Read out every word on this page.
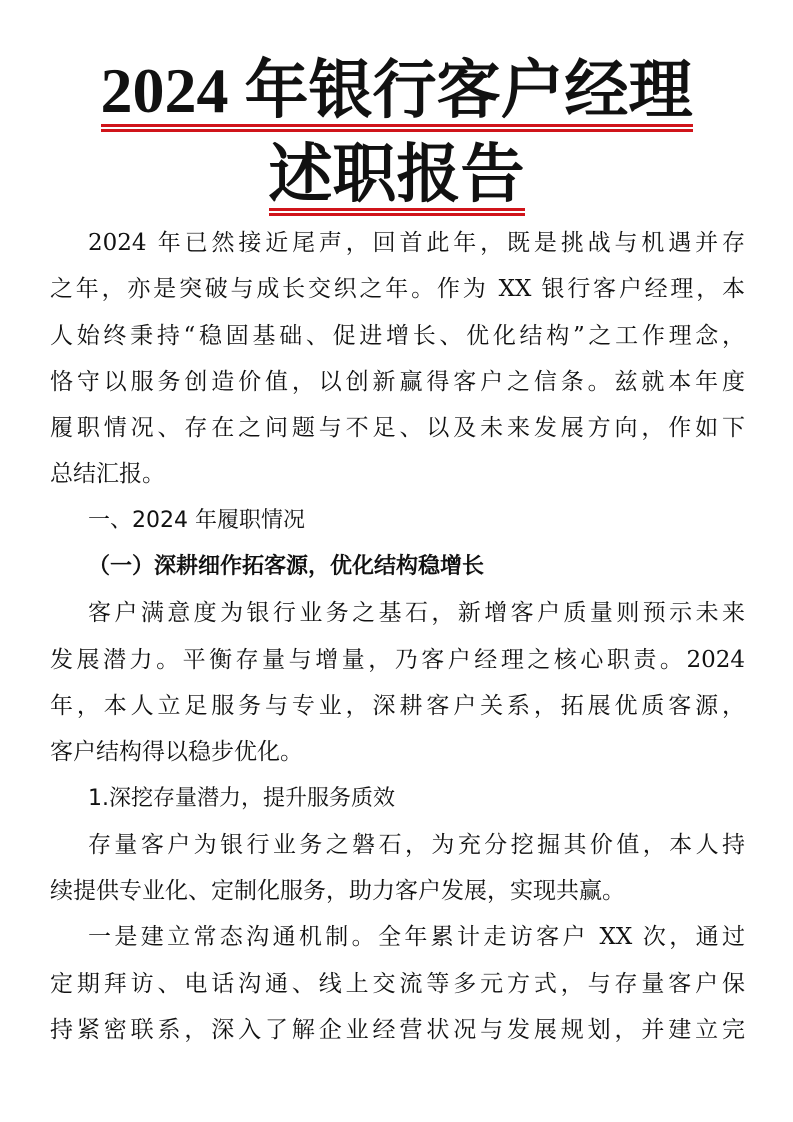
2024 年银行客户经理
述职报告
2024 年已然接近尾声，回首此年，既是挑战与机遇并存
之年，亦是突破与成长交织之年。作为 XX 银行客户经理，本
人始终秉持“稳固基础、促进增长、优化结构”之工作理念，
恪守以服务创造价值，以创新赢得客户之信条。兹就本年度
履职情况、存在之问题与不足、以及未来发展方向，作如下
总结汇报。
一、2024 年履职情况
（一）深耕细作拓客源，优化结构稳增长
客户满意度为银行业务之基石，新增客户质量则预示未来
发展潜力。平衡存量与增量，乃客户经理之核心职责。2024
年，本人立足服务与专业，深耕客户关系，拓展优质客源，
客户结构得以稳步优化。
1.深挖存量潜力，提升服务质效
存量客户为银行业务之磐石，为充分挖掘其价值，本人持
续提供专业化、定制化服务，助力客户发展，实现共赢。
一是建立常态沟通机制。全年累计走访客户 XX 次，通过
定期拜访、电话沟通、线上交流等多元方式，与存量客户保
持紧密联系，深入了解企业经营状况与发展规划，并建立完
